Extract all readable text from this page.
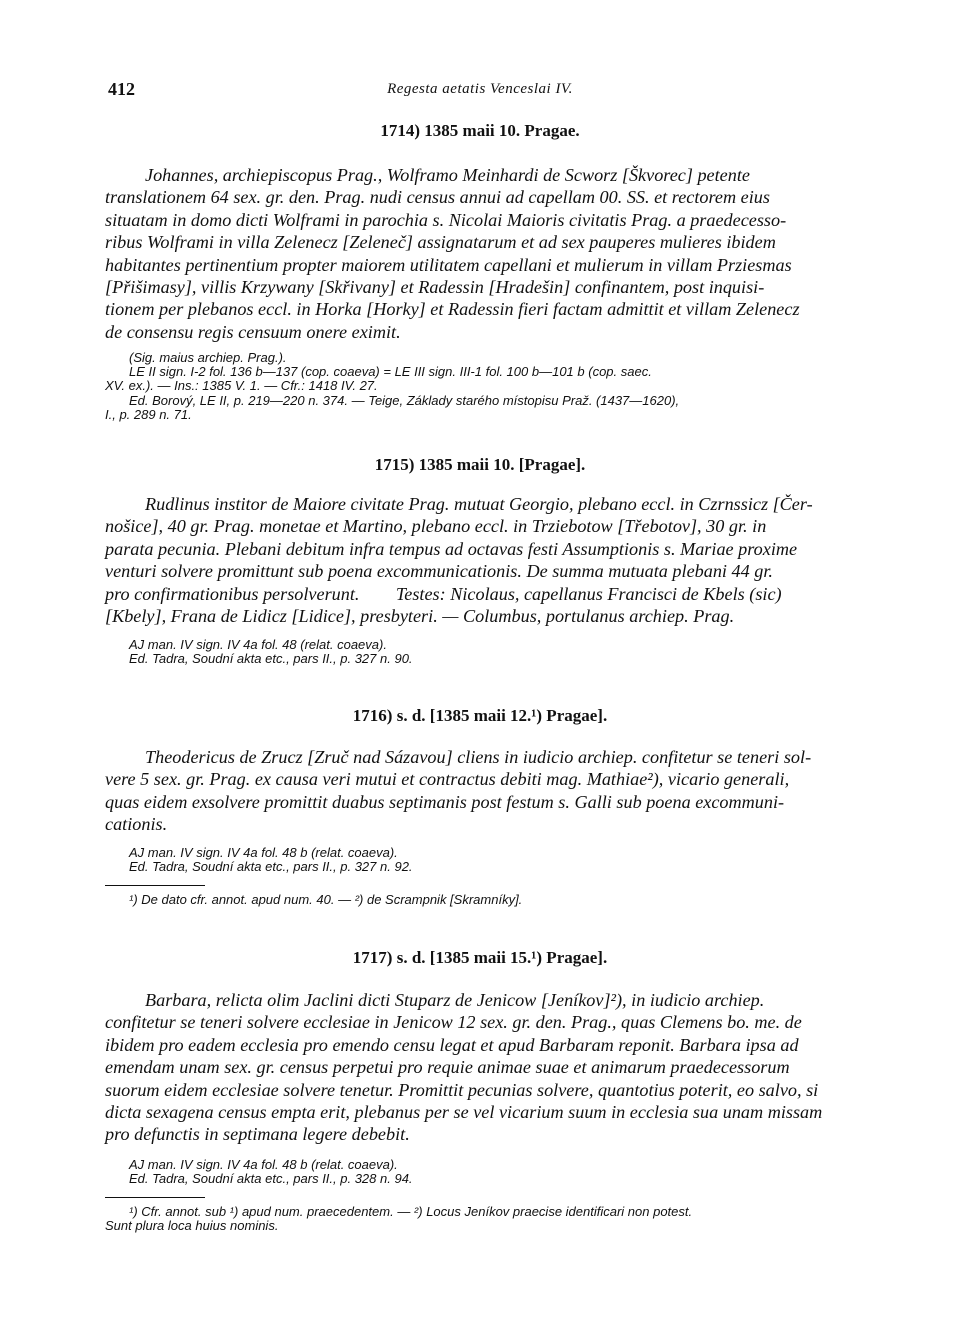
412	Regesta aetatis Venceslai IV.
1714) 1385 maii 10. Pragae.
Johannes, archiepiscopus Prag., Wolframo Meinhardi de Scworz [Škvorec] petente
translationem 64 sex. gr. den. Prag. nudi census annui ad capellam 00. SS. et rectorem eius
situatam in domo dicti Wolframi in parochia s. Nicolai Maioris civitatis Prag. a praedecesso-
ribus Wolframi in villa Zelenecz [Zeleneč] assignatarum et ad sex pauperes mulieres ibidem
habitantes pertinentium propter maiorem utilitatem capellani et mulierum in villam Prziesmas
[Přišimasy], villis Krzywany [Skřivany] et Radessin [Hradešin] confinantem, post inquisi-
tionem per plebanos eccl. in Horka [Horky] et Radessin fieri factam admittit et villam Zelenecz
de consensu regis censuum onere eximit.
(Sig. maius archiep. Prag.).
LE II sign. I-2 fol. 136 b—137 (cop. coaeva) = LE III sign. III-1 fol. 100 b—101 b (cop. saec.
XV. ex.). — Ins.: 1385 V. 1. — Cfr.: 1418 IV. 27.
Ed. Borový, LE II, p. 219—220 n. 374. — Teige, Základy starého místopisu Praž. (1437—1620),
I., p. 289 n. 71.
1715) 1385 maii 10. [Pragae].
Rudlinus institor de Maiore civitate Prag. mutuat Georgio, plebano eccl. in Czrnssicz [Čer-
nošice], 40 gr. Prag. monetae et Martino, plebano eccl. in Trziebotow [Třebotov], 30 gr. in
parata pecunia. Plebani debitum infra tempus ad octavas festi Assumptionis s. Mariae proxime
venturi solvere promittunt sub poena excommunicationis. De summa mutuata plebani 44 gr.
pro confirmationibus persolverunt.        Testes: Nicolaus, capellanus Francisci de Kbels (sic)
[Kbely], Frana de Lidicz [Lidice], presbyteri. — Columbus, portulanus archiep. Prag.
AJ man. IV sign. IV 4a fol. 48 (relat. coaeva).
Ed. Tadra, Soudní akta etc., pars II., p. 327 n. 90.
1716) s. d. [1385 maii 12.¹) Pragae].
Theodericus de Zrucz [Zruč nad Sázavou] cliens in iudicio archiep. confitetur se teneri sol-
vere 5 sex. gr. Prag. ex causa veri mutui et contractus debiti mag. Mathiae²), vicario generali,
quas eidem exsolvere promittit duabus septimanis post festum s. Galli sub poena excommuni-
cationis.
AJ man. IV sign. IV 4a fol. 48 b (relat. coaeva).
Ed. Tadra, Soudní akta etc., pars II., p. 327 n. 92.
¹) De dato cfr. annot. apud num. 40. — ²) de Scrampnik [Skramníky].
1717) s. d. [1385 maii 15.¹) Pragae].
Barbara, relicta olim Jaclini dicti Stuparz de Jenicow [Jeníkov]²), in iudicio archiep.
confitetur se teneri solvere ecclesiae in Jenicow 12 sex. gr. den. Prag., quas Clemens bo. me. de
ibidem pro eadem ecclesia pro emendo censu legat et apud Barbaram reponit. Barbara ipsa ad
emendam unam sex. gr. census perpetui pro requie animae suae et animarum praedecessorum
suorum eidem ecclesiae solvere tenetur. Promittit pecunias solvere, quantotius poterit, eo salvo, si
dicta sexagena census empta erit, plebanus per se vel vicarium suum in ecclesia sua unam missam
pro defunctis in septimana legere debebit.
AJ man. IV sign. IV 4a fol. 48 b (relat. coaeva).
Ed. Tadra, Soudní akta etc., pars II., p. 328 n. 94.
¹) Cfr. annot. sub ¹) apud num. praecedentem. — ²) Locus Jeníkov praecise identificari non potest.
Sunt plura loca huius nominis.
